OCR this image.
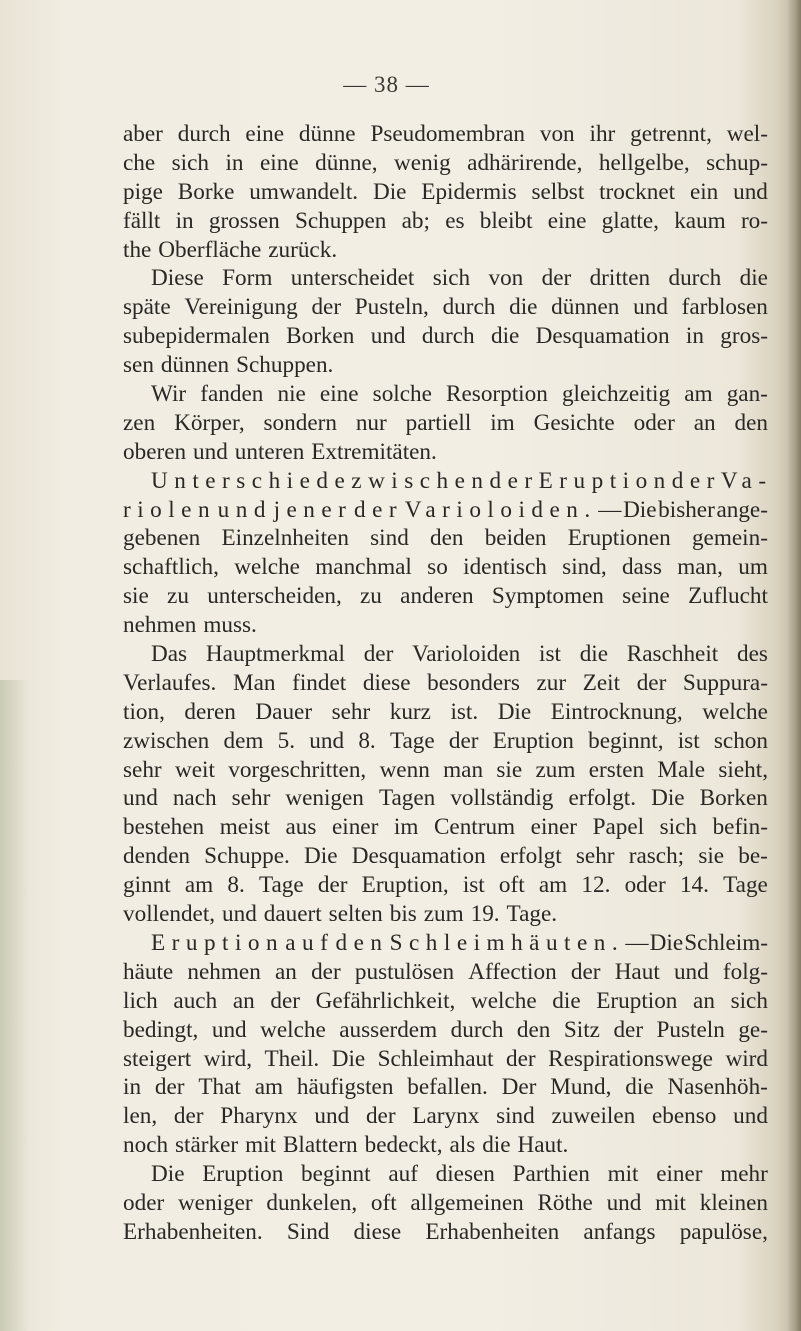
— 38 —
aber durch eine dünne Pseudomembran von ihr getrennt, wel-
che sich in eine dünne, wenig adhärirende, hellgelbe, schup-
pige Borke umwandelt. Die Epidermis selbst trocknet ein und
fällt in grossen Schuppen ab; es bleibt eine glatte, kaum ro-
the Oberfläche zurück.
Diese Form unterscheidet sich von der dritten durch die
späte Vereinigung der Pusteln, durch die dünnen und farblosen
subepidermalen Borken und durch die Desquamation in gros-
sen dünnen Schuppen.
Wir fanden nie eine solche Resorption gleichzeitig am gan-
zen Körper, sondern nur partiell im Gesichte oder an den
oberen und unteren Extremitäten.
Unterschiede zwischen der Eruption der Va-
riolen und jener der Varioloiden. — Die bisher ange-
gebenen Einzelnheiten sind den beiden Eruptionen gemein-
schaftlich, welche manchmal so identisch sind, dass man, um
sie zu unterscheiden, zu anderen Symptomen seine Zuflucht
nehmen muss.
Das Hauptmerkmal der Varioloiden ist die Raschheit des
Verlaufes. Man findet diese besonders zur Zeit der Suppura-
tion, deren Dauer sehr kurz ist. Die Eintrocknung, welche
zwischen dem 5. und 8. Tage der Eruption beginnt, ist schon
sehr weit vorgeschritten, wenn man sie zum ersten Male sieht,
und nach sehr wenigen Tagen vollständig erfolgt. Die Borken
bestehen meist aus einer im Centrum einer Papel sich befin-
denden Schuppe. Die Desquamation erfolgt sehr rasch; sie be-
ginnt am 8. Tage der Eruption, ist oft am 12. oder 14. Tage
vollendet, und dauert selten bis zum 19. Tage.
Eruption auf den Schleimhäuten. — Die Schleim-
häute nehmen an der pustulösen Affection der Haut und folg-
lich auch an der Gefährlichkeit, welche die Eruption an sich
bedingt, und welche ausserdem durch den Sitz der Pusteln ge-
steigert wird, Theil. Die Schleimhaut der Respirationswege wird
in der That am häufigsten befallen. Der Mund, die Nasenhöh-
len, der Pharynx und der Larynx sind zuweilen ebenso und
noch stärker mit Blattern bedeckt, als die Haut.
Die Eruption beginnt auf diesen Parthien mit einer mehr
oder weniger dunkelen, oft allgemeinen Röthe und mit kleinen
Erhabenheiten. Sind diese Erhabenheiten anfangs papulöse,
